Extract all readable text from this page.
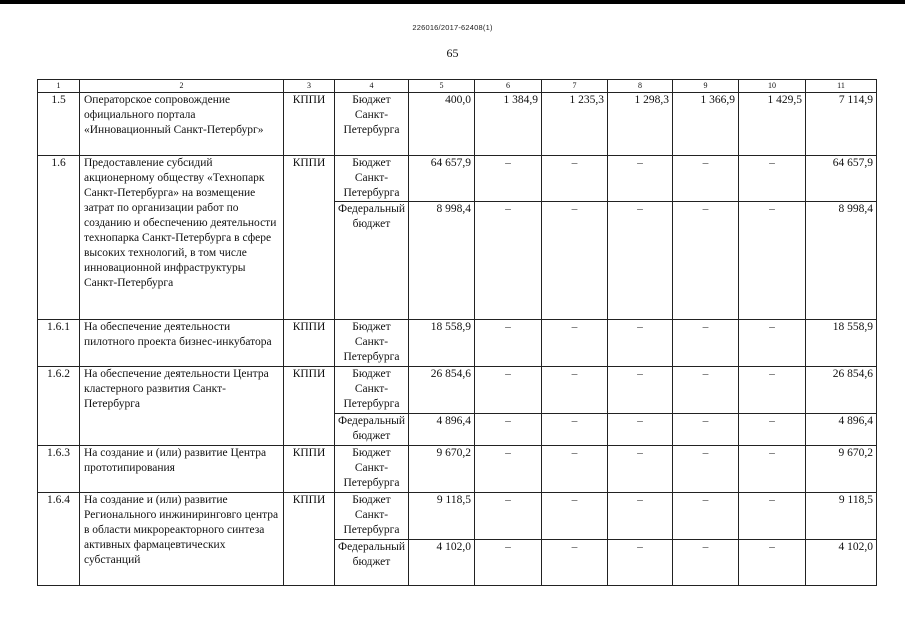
226016/2017-62408(1)
65
1	2	3	4	5	6	7	8	9	10	11
1.5	Операторское сопровождение официального портала «Инновационный Санкт-Петербург»	КППИ	Бюджет Санкт-Петербурга	400,0	1 384,9	1 235,3	1 298,3	1 366,9	1 429,5	7 114,9
1.6	Предоставление субсидий акционерному обществу «Технопарк Санкт-Петербурга» на возмещение затрат по организации работ по созданию и обеспечению деятельности технопарка Санкт-Петербурга в сфере высоких технологий, в том числе инновационной инфраструктуры Санкт-Петербурга	КППИ	Бюджет Санкт-Петербурга	64 657,9	–	–	–	–	–	64 657,9
			Федеральный бюджет	8 998,4	–	–	–	–	–	8 998,4
1.6.1	На обеспечение деятельности пилотного проекта бизнес-инкубатора	КППИ	Бюджет Санкт-Петербурга	18 558,9	–	–	–	–	–	18 558,9
1.6.2	На обеспечение деятельности Центра кластерного развития Санкт-Петербурга	КППИ	Бюджет Санкт-Петербурга	26 854,6	–	–	–	–	–	26 854,6
			Федеральный бюджет	4 896,4	–	–	–	–	–	4 896,4
1.6.3	На создание и (или) развитие Центра прототипирования	КППИ	Бюджет Санкт-Петербурга	9 670,2	–	–	–	–	–	9 670,2
1.6.4	На создание и (или) развитие Регионального инжиниринговго центра в области микрореакторного синтеза активных фармацевтических субстанций	КППИ	Бюджет Санкт-Петербурга	9 118,5	–	–	–	–	–	9 118,5
			Федеральный бюджет	4 102,0	–	–	–	–	–	4 102,0
